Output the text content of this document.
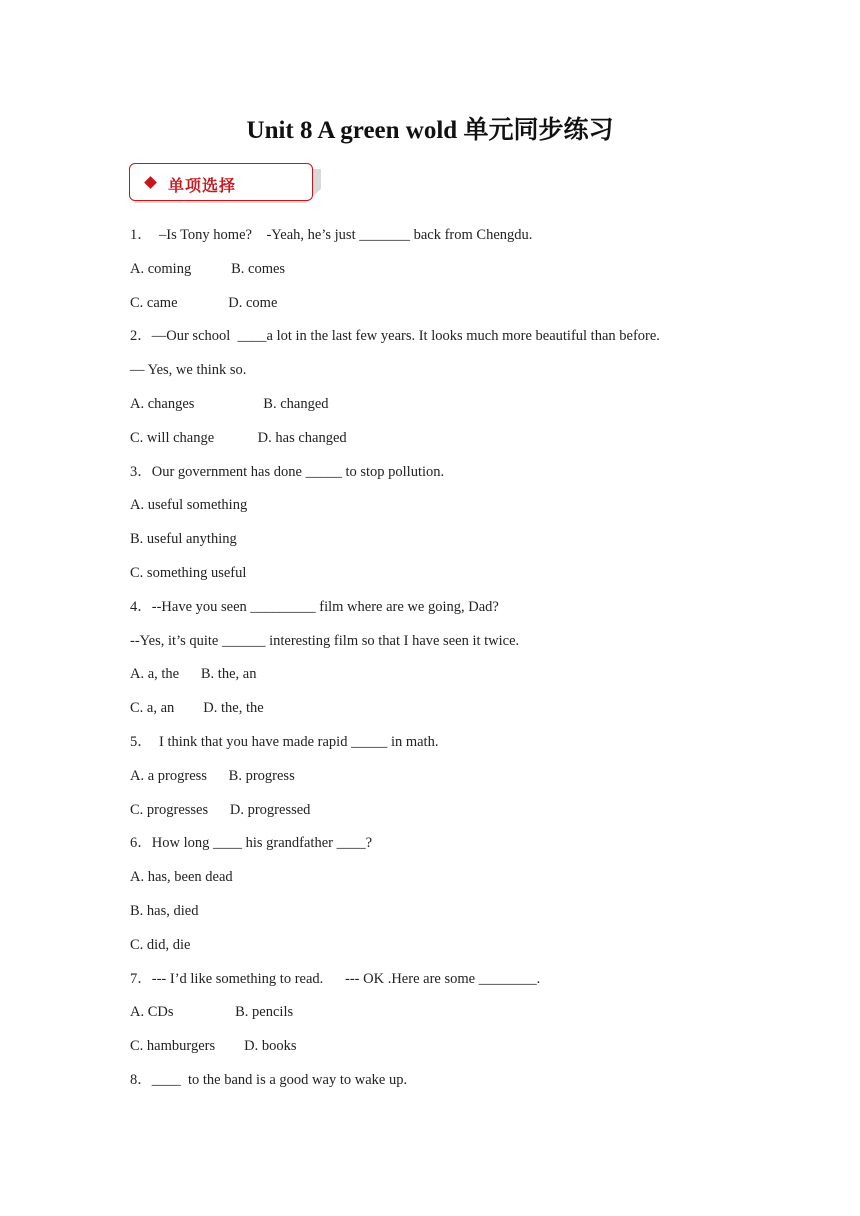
Unit 8 A green wold 单元同步练习
单项选择
1．  –Is Tony home?    -Yeah, he’s just _______ back from Chengdu.
A. coming           B. comes
C. came              D. come
2．—Our school  ____a lot in the last few years. It looks much more beautiful than before.
— Yes, we think so.
A. changes                   B. changed
C. will change            D. has changed
3．Our government has done _____ to stop pollution.
A. useful something
B. useful anything
C. something useful
4．--Have you seen _________ film where are we going, Dad?
--Yes, it’s quite ______ interesting film so that I have seen it twice.
A. a, the      B. the, an
C. a, an        D. the, the
5．  I think that you have made rapid _____ in math.
A. a progress      B. progress
C. progresses      D. progressed
6．How long ____ his grandfather ____?
A. has, been dead
B. has, died
C. did, die
7．--- I’d like something to read.      --- OK .Here are some ________.
A. CDs                 B. pencils
C. hamburgers        D. books
8．____  to the band is a good way to wake up.
